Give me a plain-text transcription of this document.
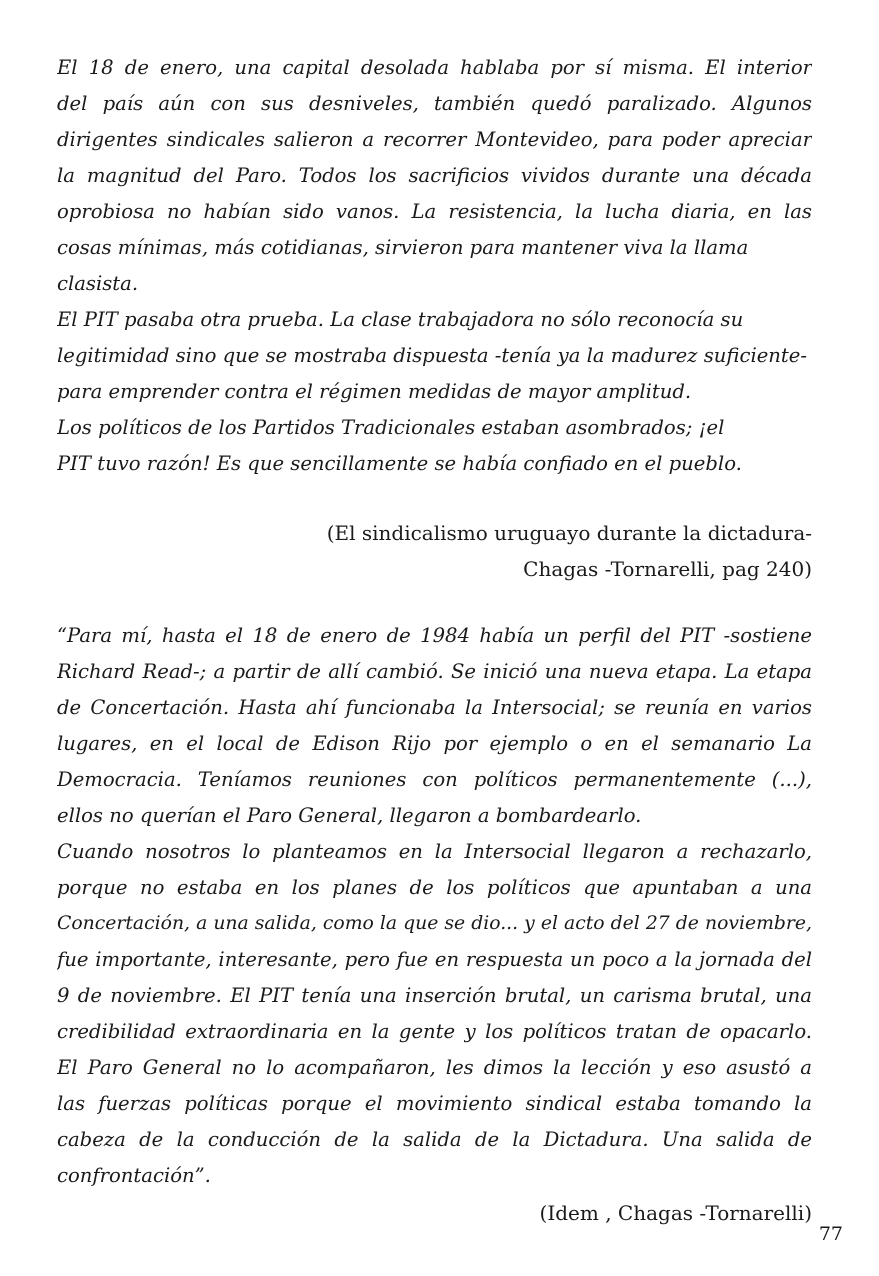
El 18 de enero, una capital desolada hablaba por sí misma. El interior

del país aún con sus desniveles, también quedó paralizado. Algunos

dirigentes sindicales salieron a recorrer Montevideo, para poder apreciar

la magnitud del Paro. Todos los sacrificios vividos durante una década

oprobiosa no habían sido vanos. La resistencia, la lucha diaria, en las

cosas mínimas, más cotidianas, sirvieron para mantener viva la llama

clasista.

El PIT pasaba otra prueba. La clase trabajadora no sólo reconocía su

legitimidad sino que se mostraba dispuesta -tenía ya la madurez suficiente-

para emprender contra el régimen medidas de mayor amplitud.

Los políticos de los Partidos Tradicionales estaban asombrados; ¡el

PIT tuvo razón! Es que sencillamente se había confiado en el pueblo.

(El sindicalismo uruguayo durante la dictadura-

Chagas -Tornarelli, pag 240)

“Para mí, hasta el 18 de enero de 1984 había un perfil del PIT -sostiene

Richard Read-; a partir de allí cambió. Se inició una nueva etapa. La etapa

de Concertación. Hasta ahí funcionaba la Intersocial; se reunía en varios

lugares, en el local de Edison Rijo por ejemplo o en el semanario La

Democracia. Teníamos reuniones con políticos permanentemente (...),

ellos no querían el Paro General, llegaron a bombardearlo.

Cuando nosotros lo planteamos en la Intersocial llegaron a rechazarlo,

porque no estaba en los planes de los políticos que apuntaban a una

Concertación, a una salida, como la que se dio... y el acto del 27 de noviembre,

fue importante, interesante, pero fue en respuesta un poco a la jornada del

9 de noviembre. El PIT tenía una inserción brutal, un carisma brutal, una

credibilidad extraordinaria en la gente y los políticos tratan de opacarlo.

El Paro General no lo acompañaron, les dimos la lección y eso asustó a

las fuerzas políticas porque el movimiento sindical estaba tomando la

cabeza de la conducción de la salida de la Dictadura. Una salida de

confrontación”.

(Idem , Chagas -Tornarelli)

77
